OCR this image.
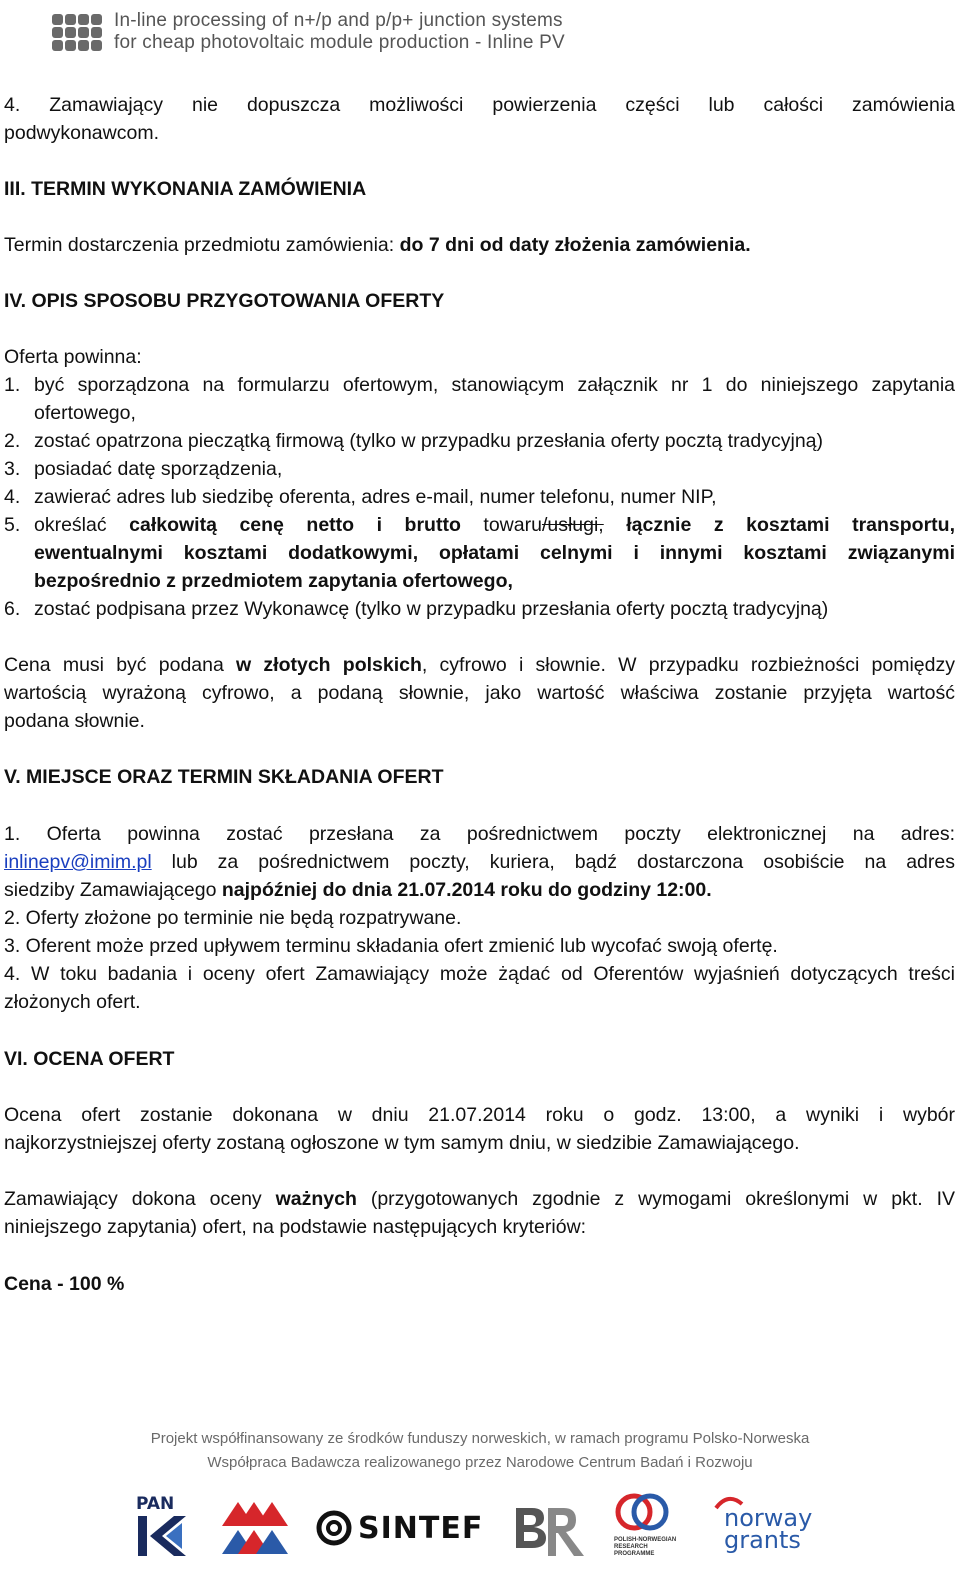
In-line processing of n+/p and p/p+ junction systems
for cheap photovoltaic module production - Inline PV
4. Zamawiający nie dopuszcza możliwości powierzenia części lub całości zamówienia
podwykonawcom.
III. TERMIN WYKONANIA ZAMÓWIENIA
Termin dostarczenia przedmiotu zamówienia: do 7 dni od daty złożenia zamówienia.
IV. OPIS SPOSOBU PRZYGOTOWANIA OFERTY
Oferta powinna:
1. być sporządzona na formularzu ofertowym, stanowiącym załącznik nr 1 do niniejszego zapytania
ofertowego,
2. zostać opatrzona pieczątką firmową (tylko w przypadku przesłania oferty pocztą tradycyjną)
3. posiadać datę sporządzenia,
4. zawierać adres lub siedzibę oferenta, adres e-mail, numer telefonu, numer NIP,
5. określać całkowitą cenę netto i brutto towaru/usługi, łącznie z kosztami transportu,
ewentualnymi kosztami dodatkowymi, opłatami celnymi i innymi kosztami związanymi
bezpośrednio z przedmiotem zapytania ofertowego,
6. zostać podpisana przez Wykonawcę (tylko w przypadku przesłania oferty pocztą tradycyjną)
Cena musi być podana w złotych polskich, cyfrowo i słownie. W przypadku rozbieżności pomiędzy
wartością wyrażoną cyfrowo, a podaną słownie, jako wartość właściwa zostanie przyjęta wartość
podana słownie.
V. MIEJSCE ORAZ TERMIN SKŁADANIA OFERT
1. Oferta powinna zostać przesłana za pośrednictwem poczty elektronicznej na adres:
inlinepv@imim.pl lub za pośrednictwem poczty, kuriera, bądź dostarczona osobiście na adres
siedziby Zamawiającego najpóźniej do dnia 21.07.2014 roku do godziny 12:00.
2. Oferty złożone po terminie nie będą rozpatrywane.
3. Oferent może przed upływem terminu składania ofert zmienić lub wycofać swoją ofertę.
4. W toku badania i oceny ofert Zamawiający może żądać od Oferentów wyjaśnień dotyczących treści
złożonych ofert.
VI. OCENA OFERT
Ocena ofert zostanie dokonana w dniu 21.07.2014 roku o godz. 13:00, a wyniki i wybór
najkorzystniejszej oferty zostaną ogłoszone w tym samym dniu, w siedzibie Zamawiającego.
Zamawiający dokona oceny ważnych (przygotowanych zgodnie z wymogami określonymi w pkt. IV
niniejszego zapytania) ofert, na podstawie następujących kryteriów:
Cena - 100 %
Projekt współfinansowany ze środków funduszy norweskich, w ramach programu Polsko-Norweska
Współpraca Badawcza realizowanego przez Narodowe Centrum Badań i Rozwoju
PAN
SINTEF	POLISH-NORWEGIAN
RESEARCH
PROGRAMME
norway
grants
